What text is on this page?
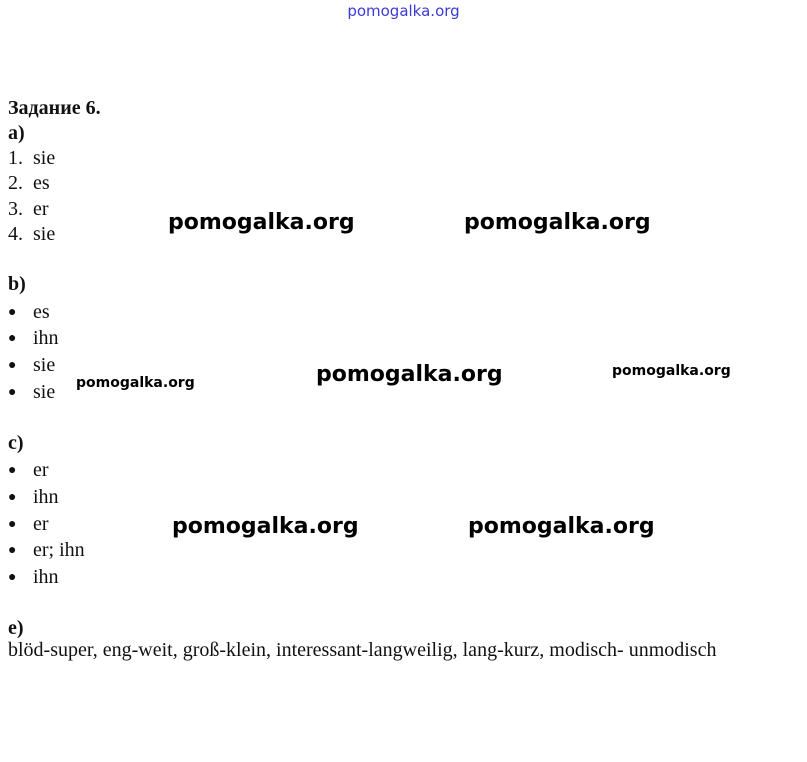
pomogalka.org
Задание 6.
a)
1. sie
2. es
3. er
4. sie
b)
● es
● ihn
● sie
● sie
c)
● er
● ihn
● er
● er; ihn
● ihn
e)
blöd-super, eng-weit, groß-klein, interessant-langweilig, lang-kurz, modisch- unmodisch
pomogalka.org	pomogalka.org
pomogalka.org	pomogalka.org	pomogalka.org
pomogalka.org	pomogalka.org
